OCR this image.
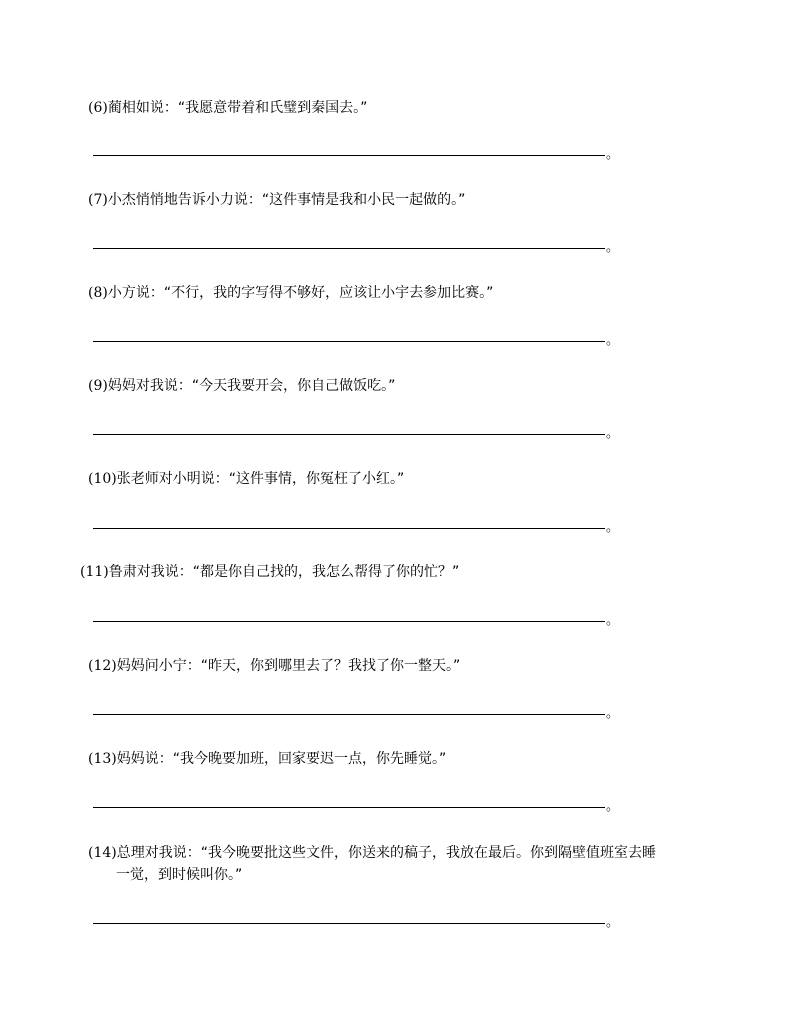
(6)蔺相如说：“我愿意带着和氏璧到秦国去。”
。
(7)小杰悄悄地告诉小力说：“这件事情是我和小民一起做的。”
。
(8)小方说：“不行，我的字写得不够好，应该让小宇去参加比赛。”
。
(9)妈妈对我说：“今天我要开会，你自己做饭吃。”
。
(10)张老师对小明说：“这件事情，你冤枉了小红。”
。
(11)鲁肃对我说：“都是你自己找的，我怎么帮得了你的忙？”
。
(12)妈妈问小宁：“昨天，你到哪里去了？我找了你一整天。”
。
(13)妈妈说：“我今晚要加班，回家要迟一点，你先睡觉。”
。
(14)总理对我说：“我今晚要批这些文件，你送来的稿子，我放在最后。你到隔壁值班室去睡
一觉，到时候叫你。”
。
